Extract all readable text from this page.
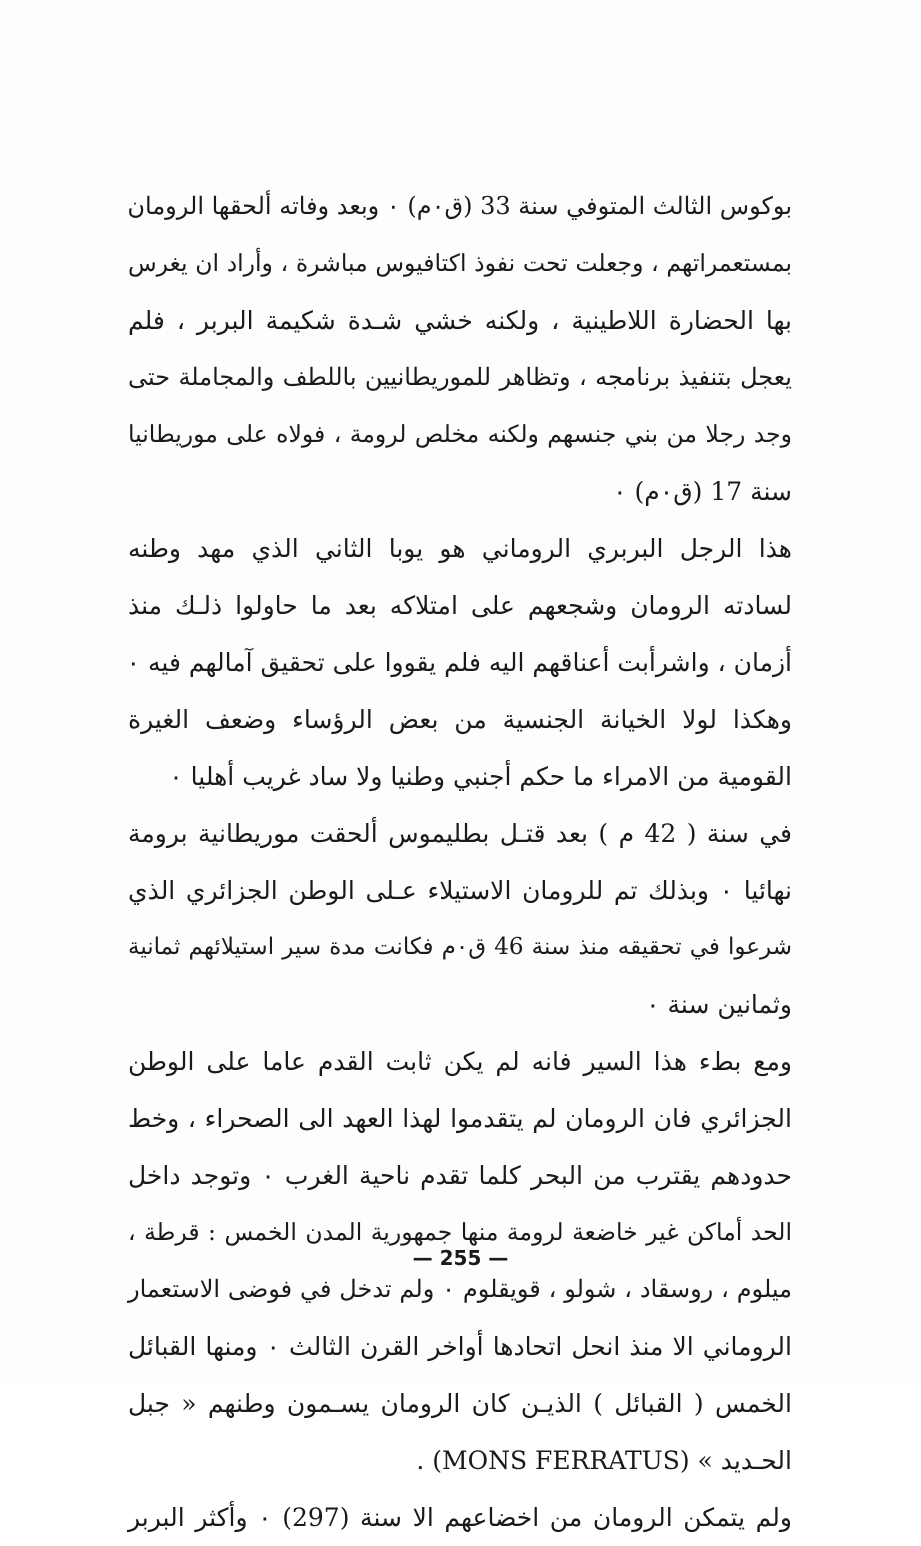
بوكوس الثالث المتوفي سنة 33 (ق٠م) ٠ وبعد وفاته ألحقها الرومان
بمستعمراتهم ، وجعلت تحت نفوذ اكتافيوس مباشرة ، وأراد ان يغرس
بها الحضارة اللاطينية ، ولكنه خشي شـدة شكيمة البربر ، فلم
يعجل بتنفيذ برنامجه ، وتظاهر للموريطانيين باللطف والمجاملة حتى
وجد رجلا من بني جنسهم ولكنه مخلص لرومة ، فولاه على موريطانيا
سنة 17 (ق٠م) ٠
هذا الرجل البربري الروماني هو يوبا الثاني الذي مهد وطنه
لسادته الرومان وشجعهم على امتلاكه بعد ما حاولوا ذلـك منذ
أزمان ، واشرأبت أعناقهم اليه فلم يقووا على تحقيق آمالهم فيه ٠
وهكذا لولا الخيانة الجنسية من بعض الرؤساء وضعف الغيرة
القومية من الامراء ما حكم أجنبي وطنيا ولا ساد غريب أهليا ٠
في سنة ( 42 م ) بعد قتـل بطليموس ألحقت موريطانية برومة
نهائيا ٠ وبذلك تم للرومان الاستيلاء عـلى الوطن الجزائري الذي
شرعوا في تحقيقه منذ سنة 46 ق٠م فكانت مدة سير استيلائهم ثمانية
وثمانين سنة ٠
ومع بطء هذا السير فانه لم يكن ثابت القدم عاما على الوطن
الجزائري فان الرومان لم يتقدموا لهذا العهد الى الصحراء ، وخط
حدودهم يقترب من البحر كلما تقدم ناحية الغرب ٠ وتوجد داخل
الحد أماكن غير خاضعة لرومة منها جمهورية المدن الخمس : قرطة ،
ميلوم ، روسقاد ، شولو ، قويقلوم ٠ ولم تدخل في فوضى الاستعمار
الروماني الا منذ انحل اتحادها أواخر القرن الثالث ٠ ومنها القبائل
الخمس ( القبائل ) الذيـن كان الرومان يسـمون وطنهم « جبل
الحـديد » (MONS FERRATUS) .
ولم يتمكن الرومان من اخضاعهم الا سنة (297) ٠ وأكثر البربر
— 255 —
